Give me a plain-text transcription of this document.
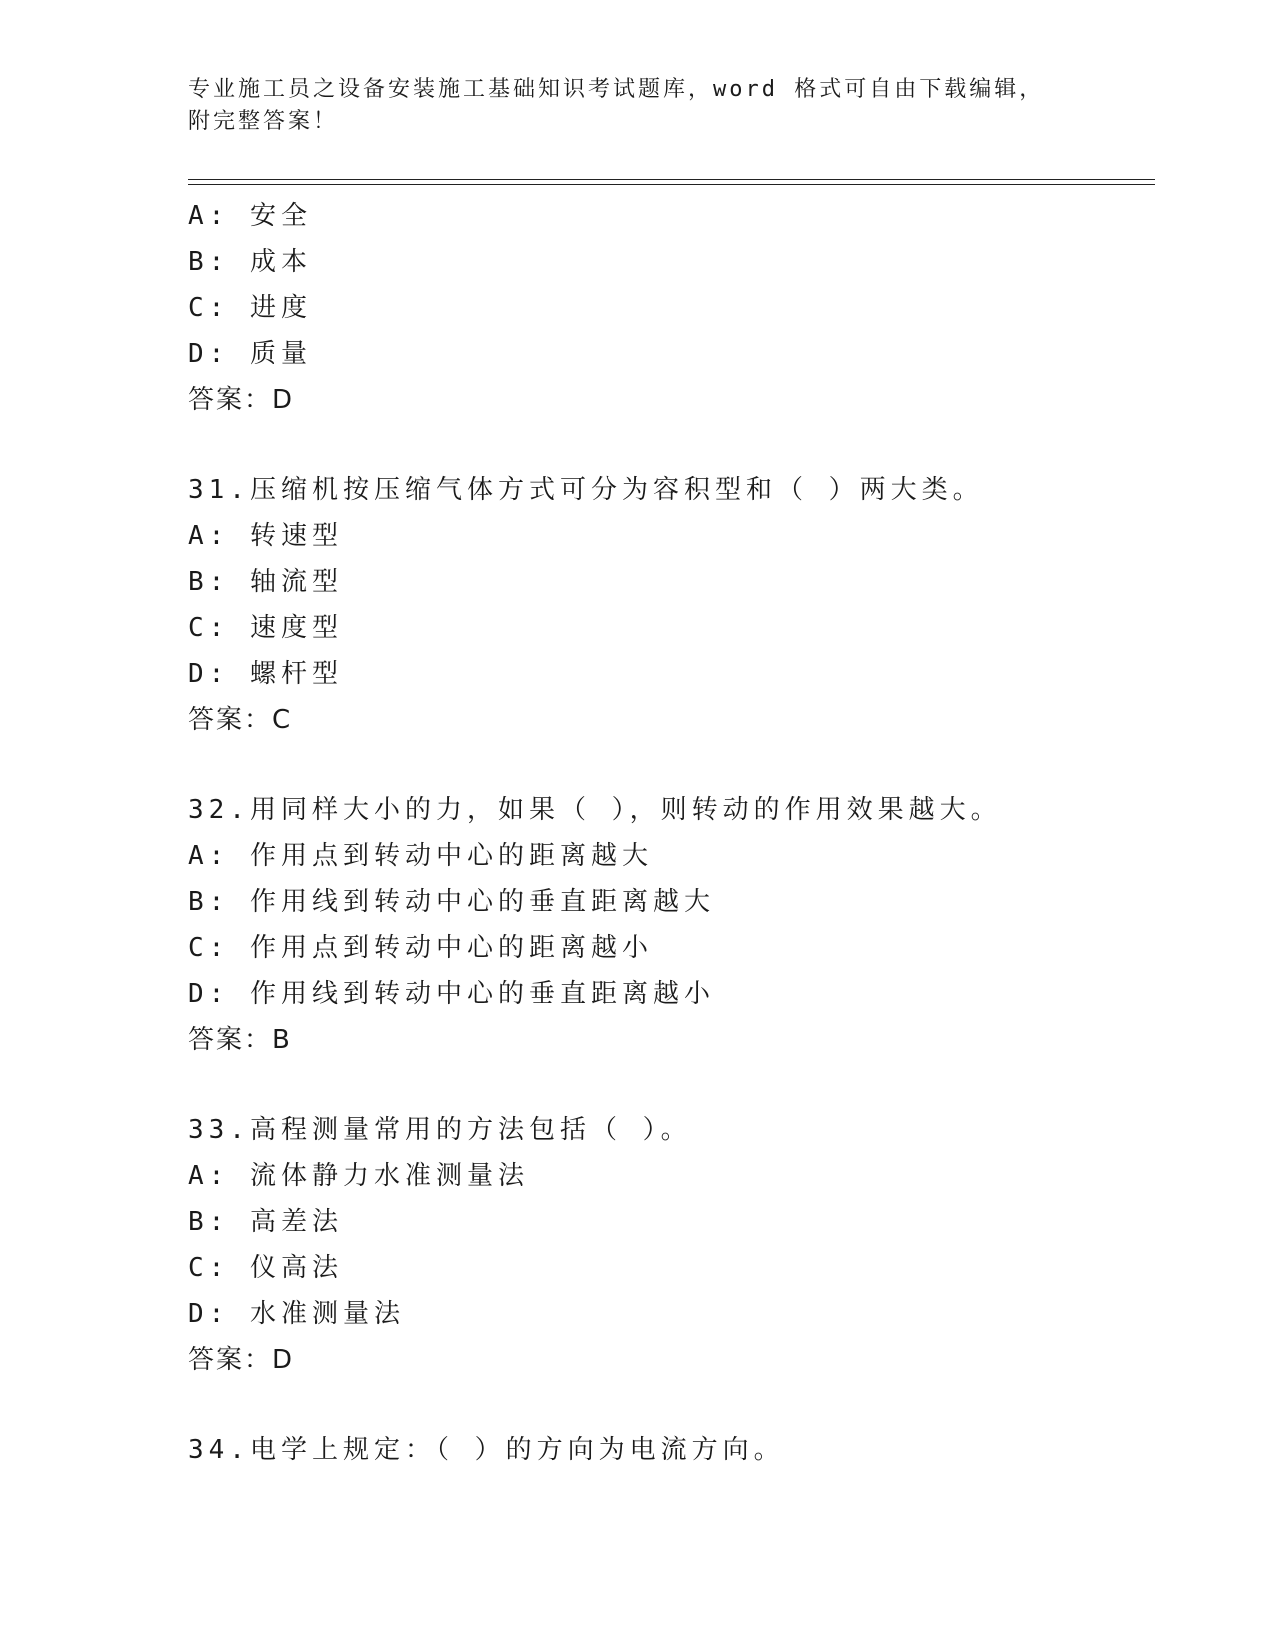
专业施工员之设备安装施工基础知识考试题库，word 格式可自由下载编辑，附完整答案！
A: 安全
B: 成本
C: 进度
D: 质量
答案：D
31.压缩机按压缩气体方式可分为容积型和（ ）两大类。
A: 转速型
B: 轴流型
C: 速度型
D: 螺杆型
答案：C
32.用同样大小的力，如果（ ），则转动的作用效果越大。
A: 作用点到转动中心的距离越大
B: 作用线到转动中心的垂直距离越大
C: 作用点到转动中心的距离越小
D: 作用线到转动中心的垂直距离越小
答案：B
33.高程测量常用的方法包括（ ）。
A: 流体静力水准测量法
B: 高差法
C: 仪高法
D: 水准测量法
答案：D
34.电学上规定：（ ）的方向为电流方向。
